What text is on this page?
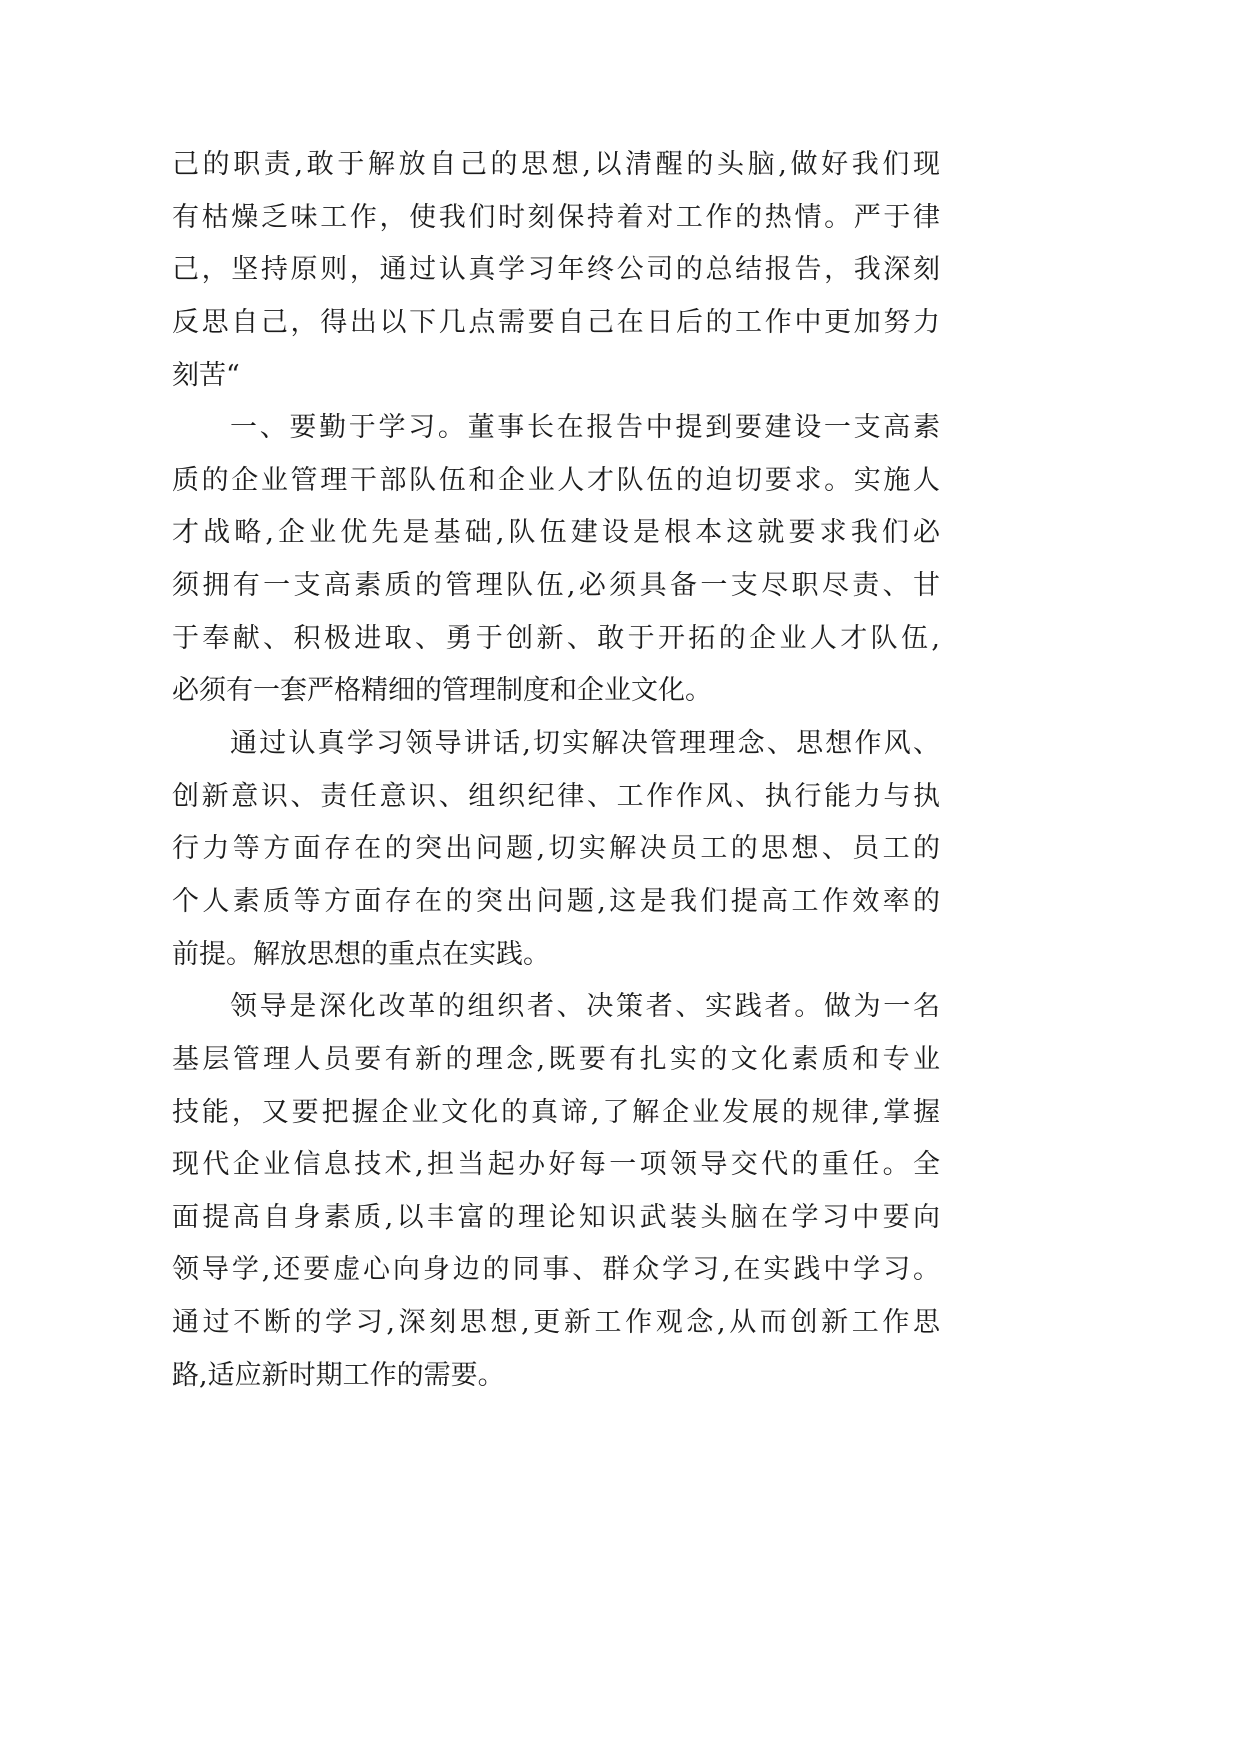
己的职责,敢于解放自己的思想,以清醒的头脑,做好我们现
有枯燥乏味工作，使我们时刻保持着对工作的热情。严于律
己，坚持原则，通过认真学习年终公司的总结报告，我深刻
反思自己，得出以下几点需要自己在日后的工作中更加努力
刻苦“
一、要勤于学习。董事长在报告中提到要建设一支高素
质的企业管理干部队伍和企业人才队伍的迫切要求。实施人
才战略,企业优先是基础,队伍建设是根本这就要求我们必
须拥有一支高素质的管理队伍,必须具备一支尽职尽责、甘
于奉献、积极进取、勇于创新、敢于开拓的企业人才队伍,
必须有一套严格精细的管理制度和企业文化。
通过认真学习领导讲话,切实解决管理理念、思想作风、
创新意识、责任意识、组织纪律、工作作风、执行能力与执
行力等方面存在的突出问题,切实解决员工的思想、员工的
个人素质等方面存在的突出问题,这是我们提高工作效率的
前提。解放思想的重点在实践。
领导是深化改革的组织者、决策者、实践者。做为一名
基层管理人员要有新的理念,既要有扎实的文化素质和专业
技能，又要把握企业文化的真谛,了解企业发展的规律,掌握
现代企业信息技术,担当起办好每一项领导交代的重任。全
面提高自身素质,以丰富的理论知识武装头脑在学习中要向
领导学,还要虚心向身边的同事、群众学习,在实践中学习。
通过不断的学习,深刻思想,更新工作观念,从而创新工作思
路,适应新时期工作的需要。
